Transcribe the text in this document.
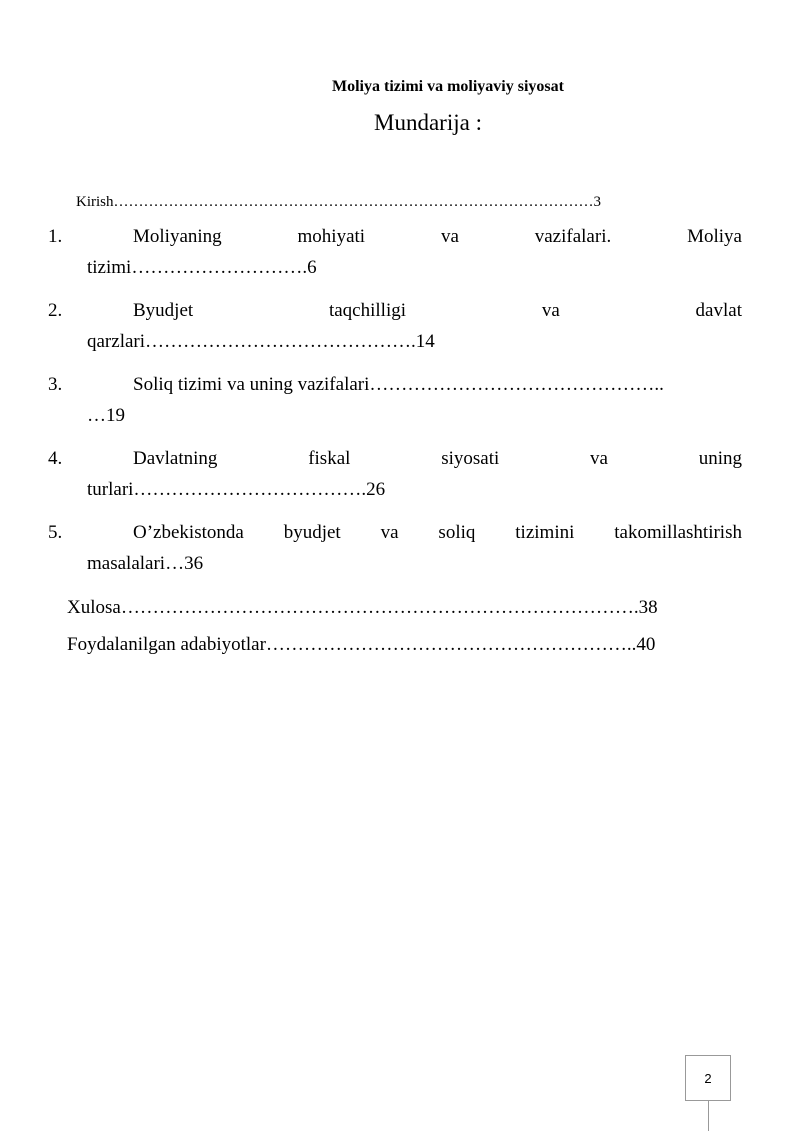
Moliya tizimi va moliyaviy siyosat
Mundarija :
Kirish……………………………………………………………………………………3
1.	Moliyaning	mohiyati	va	vazifalari.	Moliya
tizimi……………………….6
2.	Byudjet	taqchilligi	va	davlat
qarzlari…………………………………….14
3.	Soliq tizimi va uning vazifalari………………………………………..
…19
4.	Davlatning	fiskal	siyosati	va	uning
turlari……………………………….26
5.	O’zbekistonda byudjet va soliq tizimini takomillashtirish
masalalari…36
Xulosa……………………………………………………………………….38
Foydalanilgan adabiyotlar…………………………………………………..40
2
